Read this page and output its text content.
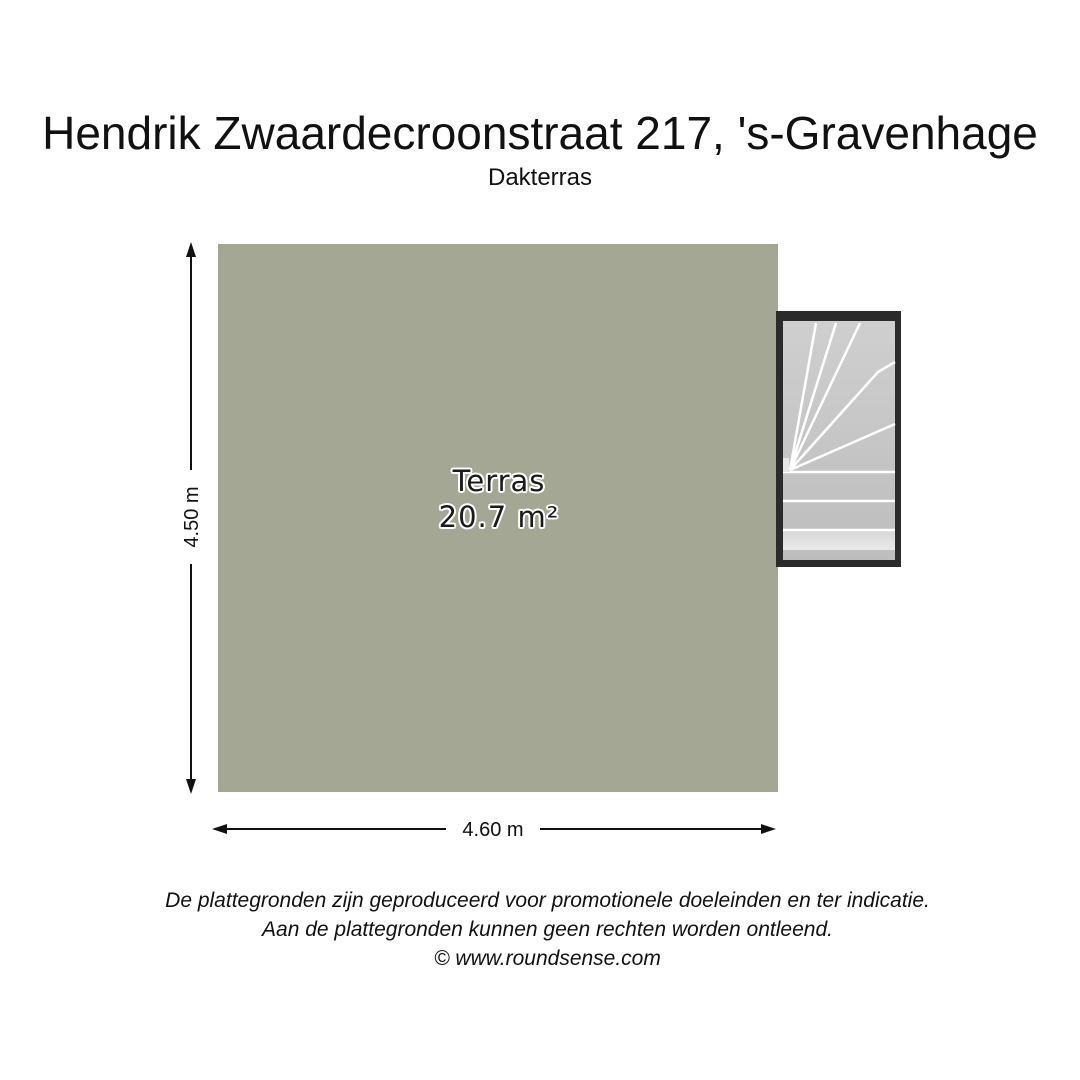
Hendrik Zwaardecroonstraat 217, 's-Gravenhage
Dakterras
Terras
20.7 m²
4.60 m
4.50 m
De plattegronden zijn geproduceerd voor promotionele doeleinden en ter indicatie.
Aan de plattegronden kunnen geen rechten worden ontleend.
© www.roundsense.com
